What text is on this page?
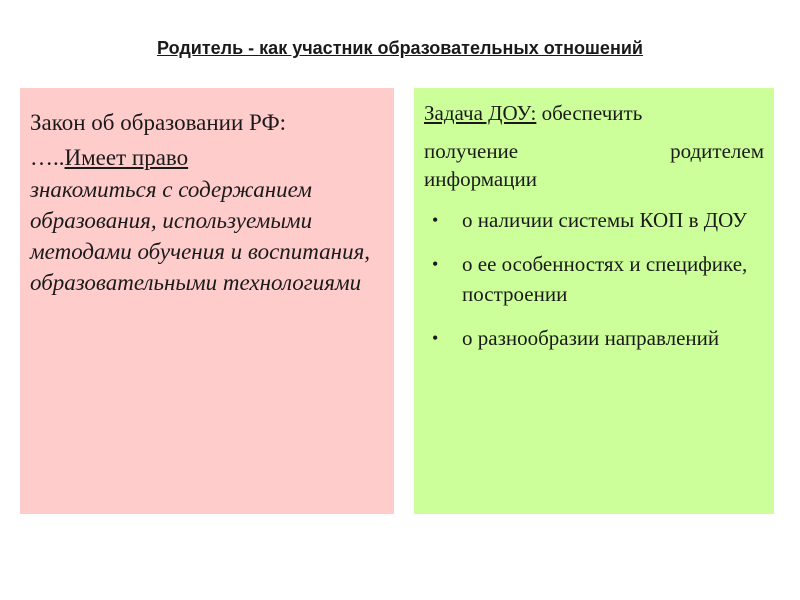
Родитель - как участник образовательных отношений
Закон об образовании РФ:
…..Имеет право
знакомиться с содержанием образования, используемыми методами обучения и воспитания, образовательными технологиями
Задача ДОУ: обеспечить
получение родителем
информации
• о наличии системы КОП в ДОУ
• о ее особенностях и специфике, построении
• о разнообразии направлений
